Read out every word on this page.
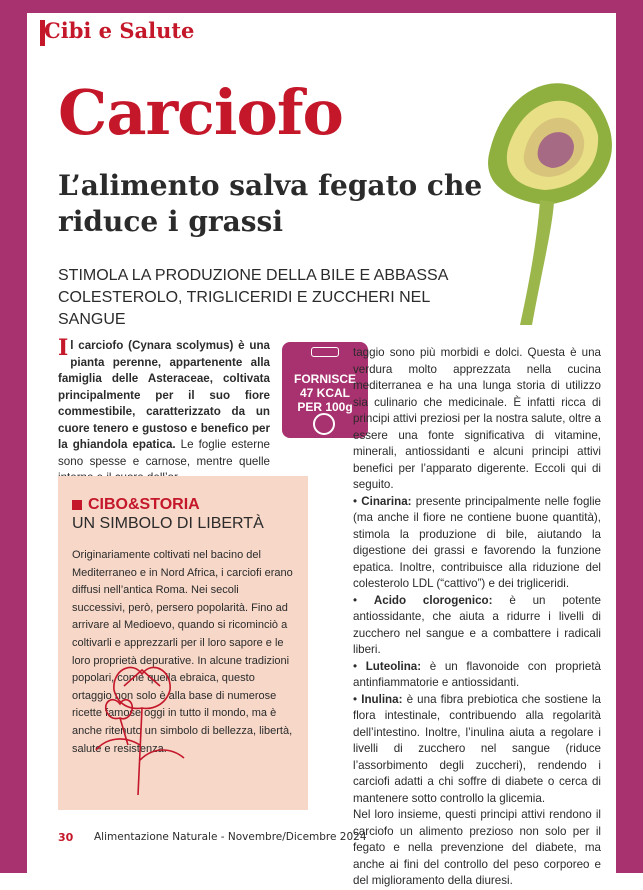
Cibi e Salute
Carciofo
L’alimento salva fegato che riduce i grassi
STIMOLA LA PRODUZIONE DELLA BILE E ABBASSA COLESTEROLO, TRIGLICERIDI E ZUCCHERI NEL SANGUE
Il carciofo (Cynara scolymus) è una pianta perenne, appartenente alla famiglia delle Asteraceae, coltivata principalmente per il suo fiore commestibile, caratterizzato da un cuore tenero e gustoso e benefico per la ghiandola epatica. Le foglie esterne sono spesse e carnose, mentre quelle
FORNISCE
47 KCAL
PER 100g

taggio sono più morbidi e dolci. Questa è una verdura molto apprezzata nella cucina mediterranea e ha una lunga storia di utilizzo sia culinario che medicinale. È infatti ricca di principi attivi preziosi per la nostra salute, oltre a essere una fonte significativa di vitamine, minerali, antiossidanti e alcuni principi attivi benefici per l’apparato digerente. Eccoli qui di seguito.

• Cinarina: presente principalmente nelle foglie (ma anche il fiore ne contiene buone quantità), stimola la produzione di bile, aiutando la digestione dei grassi e favorendo la funzione epatica. Inoltre, contribuisce alla riduzione del colesterolo LDL (“cattivo”) e dei trigliceridi.

• Acido clorogenico: è un potente antiossidante, che aiuta a ridurre i livelli di zucchero nel sangue e a combattere i radicali liberi.

• Luteolina: è un flavonoide con proprietà antinfiammatorie e antiossidanti.

• Inulina: è una fibra prebiotica che sostiene la flora intestinale, contribuendo alla regolarità dell’intestino. Inoltre, l’inulina aiuta a regolare i livelli di zucchero nel sangue (riduce l’assorbimento degli zuccheri), rendendo i carciofi adatti a chi soffre di diabete o cerca di mantenere sotto controllo la glicemia.

Nel loro insieme, questi principi attivi rendono il carciofo un alimento prezioso non solo per il fegato e nella prevenzione del diabete, ma anche ai fini del controllo del peso corporeo e del miglioramento della diuresi.

CIBO&STORIA
UN SIMBOLO DI LIBERTÀ
Originariamente coltivati nel bacino del Mediterraneo e in Nord Africa, i carciofi erano diffusi nell’antica Roma. Nei secoli successivi, però, persero popolarità. Fino ad arrivare al Medioevo, quando si ricominciò a coltivarli e apprezzarli per il loro sapore e le loro proprietà depurative. In alcune tradizioni popolari, come quella ebraica, questo ortaggio non solo è alla base di numerose ricette famose oggi in tutto il mondo, ma è anche ritenuto un simbolo di bellezza, libertà, salute e resistenza.
30 Alimentazione Naturale - Novembre/Dicembre 2024
